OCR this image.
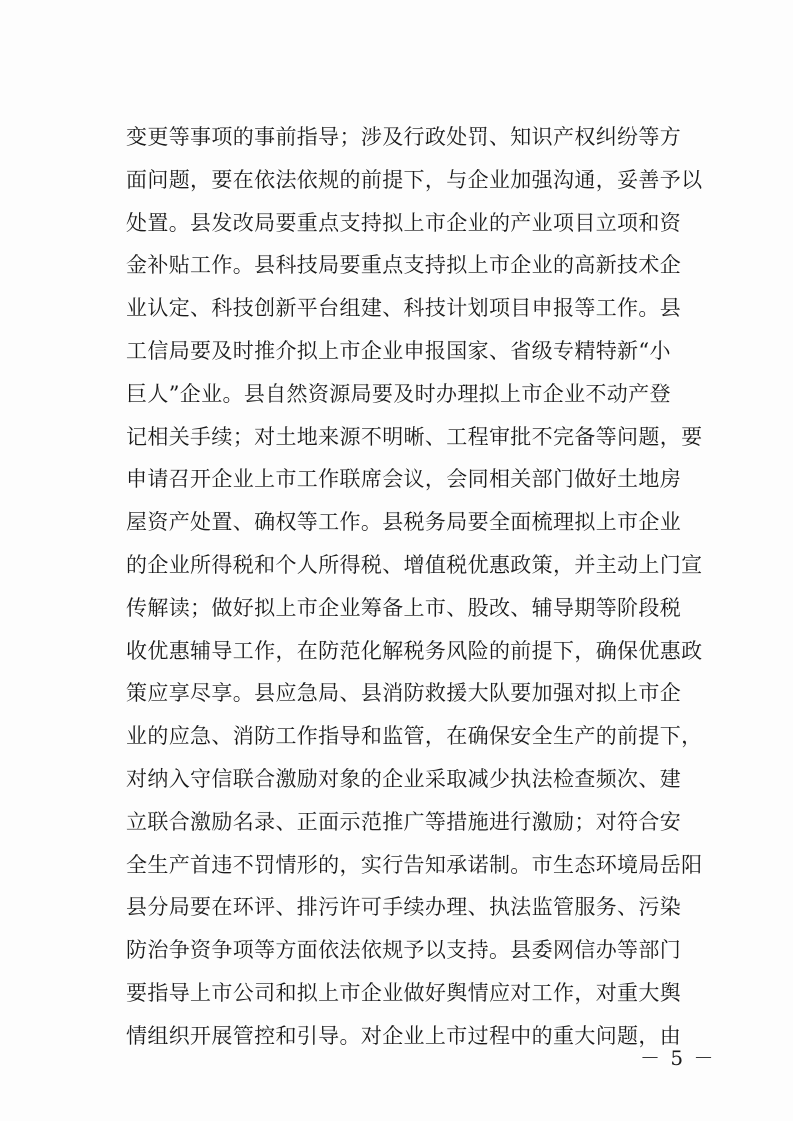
变更等事项的事前指导；涉及行政处罚、知识产权纠纷等方
面问题，要在依法依规的前提下，与企业加强沟通，妥善予以
处置。县发改局要重点支持拟上市企业的产业项目立项和资
金补贴工作。县科技局要重点支持拟上市企业的高新技术企
业认定、科技创新平台组建、科技计划项目申报等工作。县
工信局要及时推介拟上市企业申报国家、省级专精特新“小
巨人”企业。县自然资源局要及时办理拟上市企业不动产登
记相关手续；对土地来源不明晰、工程审批不完备等问题，要
申请召开企业上市工作联席会议，会同相关部门做好土地房
屋资产处置、确权等工作。县税务局要全面梳理拟上市企业
的企业所得税和个人所得税、增值税优惠政策，并主动上门宣
传解读；做好拟上市企业筹备上市、股改、辅导期等阶段税
收优惠辅导工作，在防范化解税务风险的前提下，确保优惠政
策应享尽享。县应急局、县消防救援大队要加强对拟上市企
业的应急、消防工作指导和监管，在确保安全生产的前提下，
对纳入守信联合激励对象的企业采取减少执法检查频次、建
立联合激励名录、正面示范推广等措施进行激励；对符合安
全生产首违不罚情形的，实行告知承诺制。市生态环境局岳阳
县分局要在环评、排污许可手续办理、执法监管服务、污染
防治争资争项等方面依法依规予以支持。县委网信办等部门
要指导上市公司和拟上市企业做好舆情应对工作，对重大舆
情组织开展管控和引导。对企业上市过程中的重大问题，由
－ 5 －
